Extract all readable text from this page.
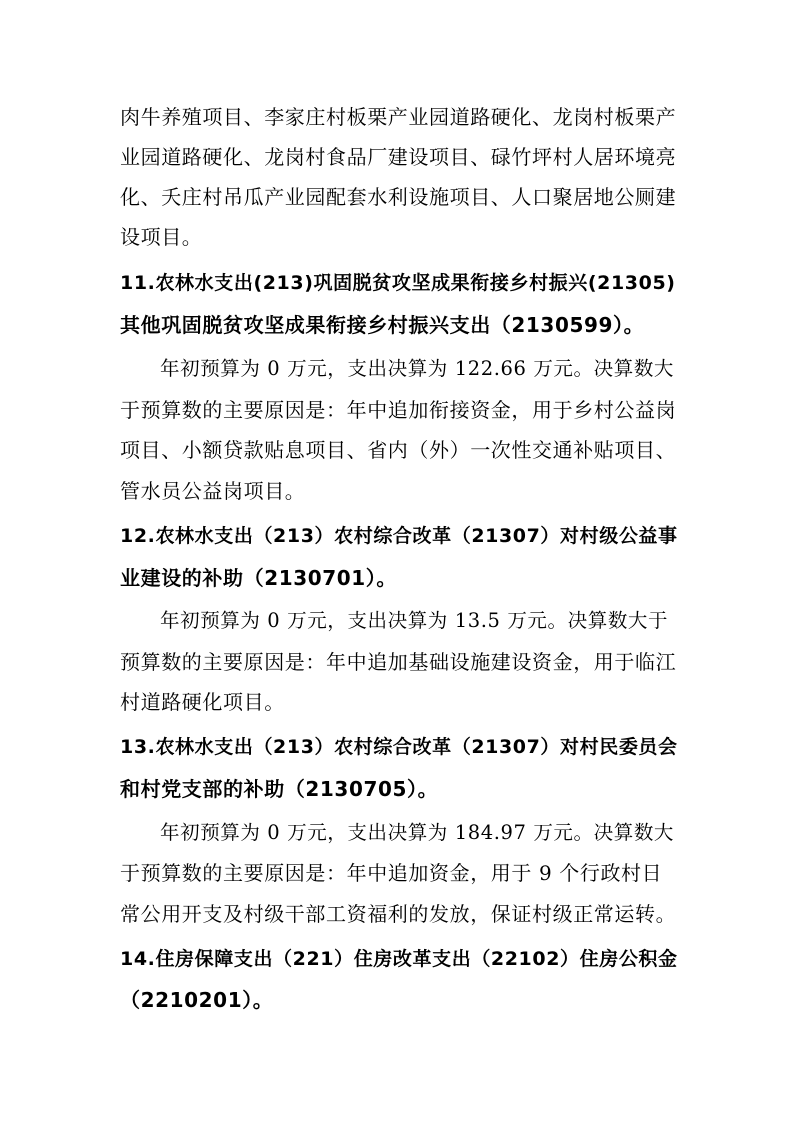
肉牛养殖项目、李家庄村板栗产业园道路硬化、龙岗村板栗产
业园道路硬化、龙岗村食品厂建设项目、碌竹坪村人居环境亮
化、夭庄村吊瓜产业园配套水利设施项目、人口聚居地公厕建
设项目。
11.农林水支出(213)巩固脱贫攻坚成果衔接乡村振兴(21305)
其他巩固脱贫攻坚成果衔接乡村振兴支出（2130599）。
年初预算为 0 万元，支出决算为 122.66 万元。决算数大
于预算数的主要原因是：年中追加衔接资金，用于乡村公益岗
项目、小额贷款贴息项目、省内（外）一次性交通补贴项目、
管水员公益岗项目。
12.农林水支出（213）农村综合改革（21307）对村级公益事
业建设的补助（2130701）。
年初预算为 0 万元，支出决算为 13.5 万元。决算数大于
预算数的主要原因是：年中追加基础设施建设资金，用于临江
村道路硬化项目。
13.农林水支出（213）农村综合改革（21307）对村民委员会
和村党支部的补助（2130705）。
年初预算为 0 万元，支出决算为 184.97 万元。决算数大
于预算数的主要原因是：年中追加资金，用于 9 个行政村日
常公用开支及村级干部工资福利的发放，保证村级正常运转。
14.住房保障支出（221）住房改革支出（22102）住房公积金
（2210201）。
